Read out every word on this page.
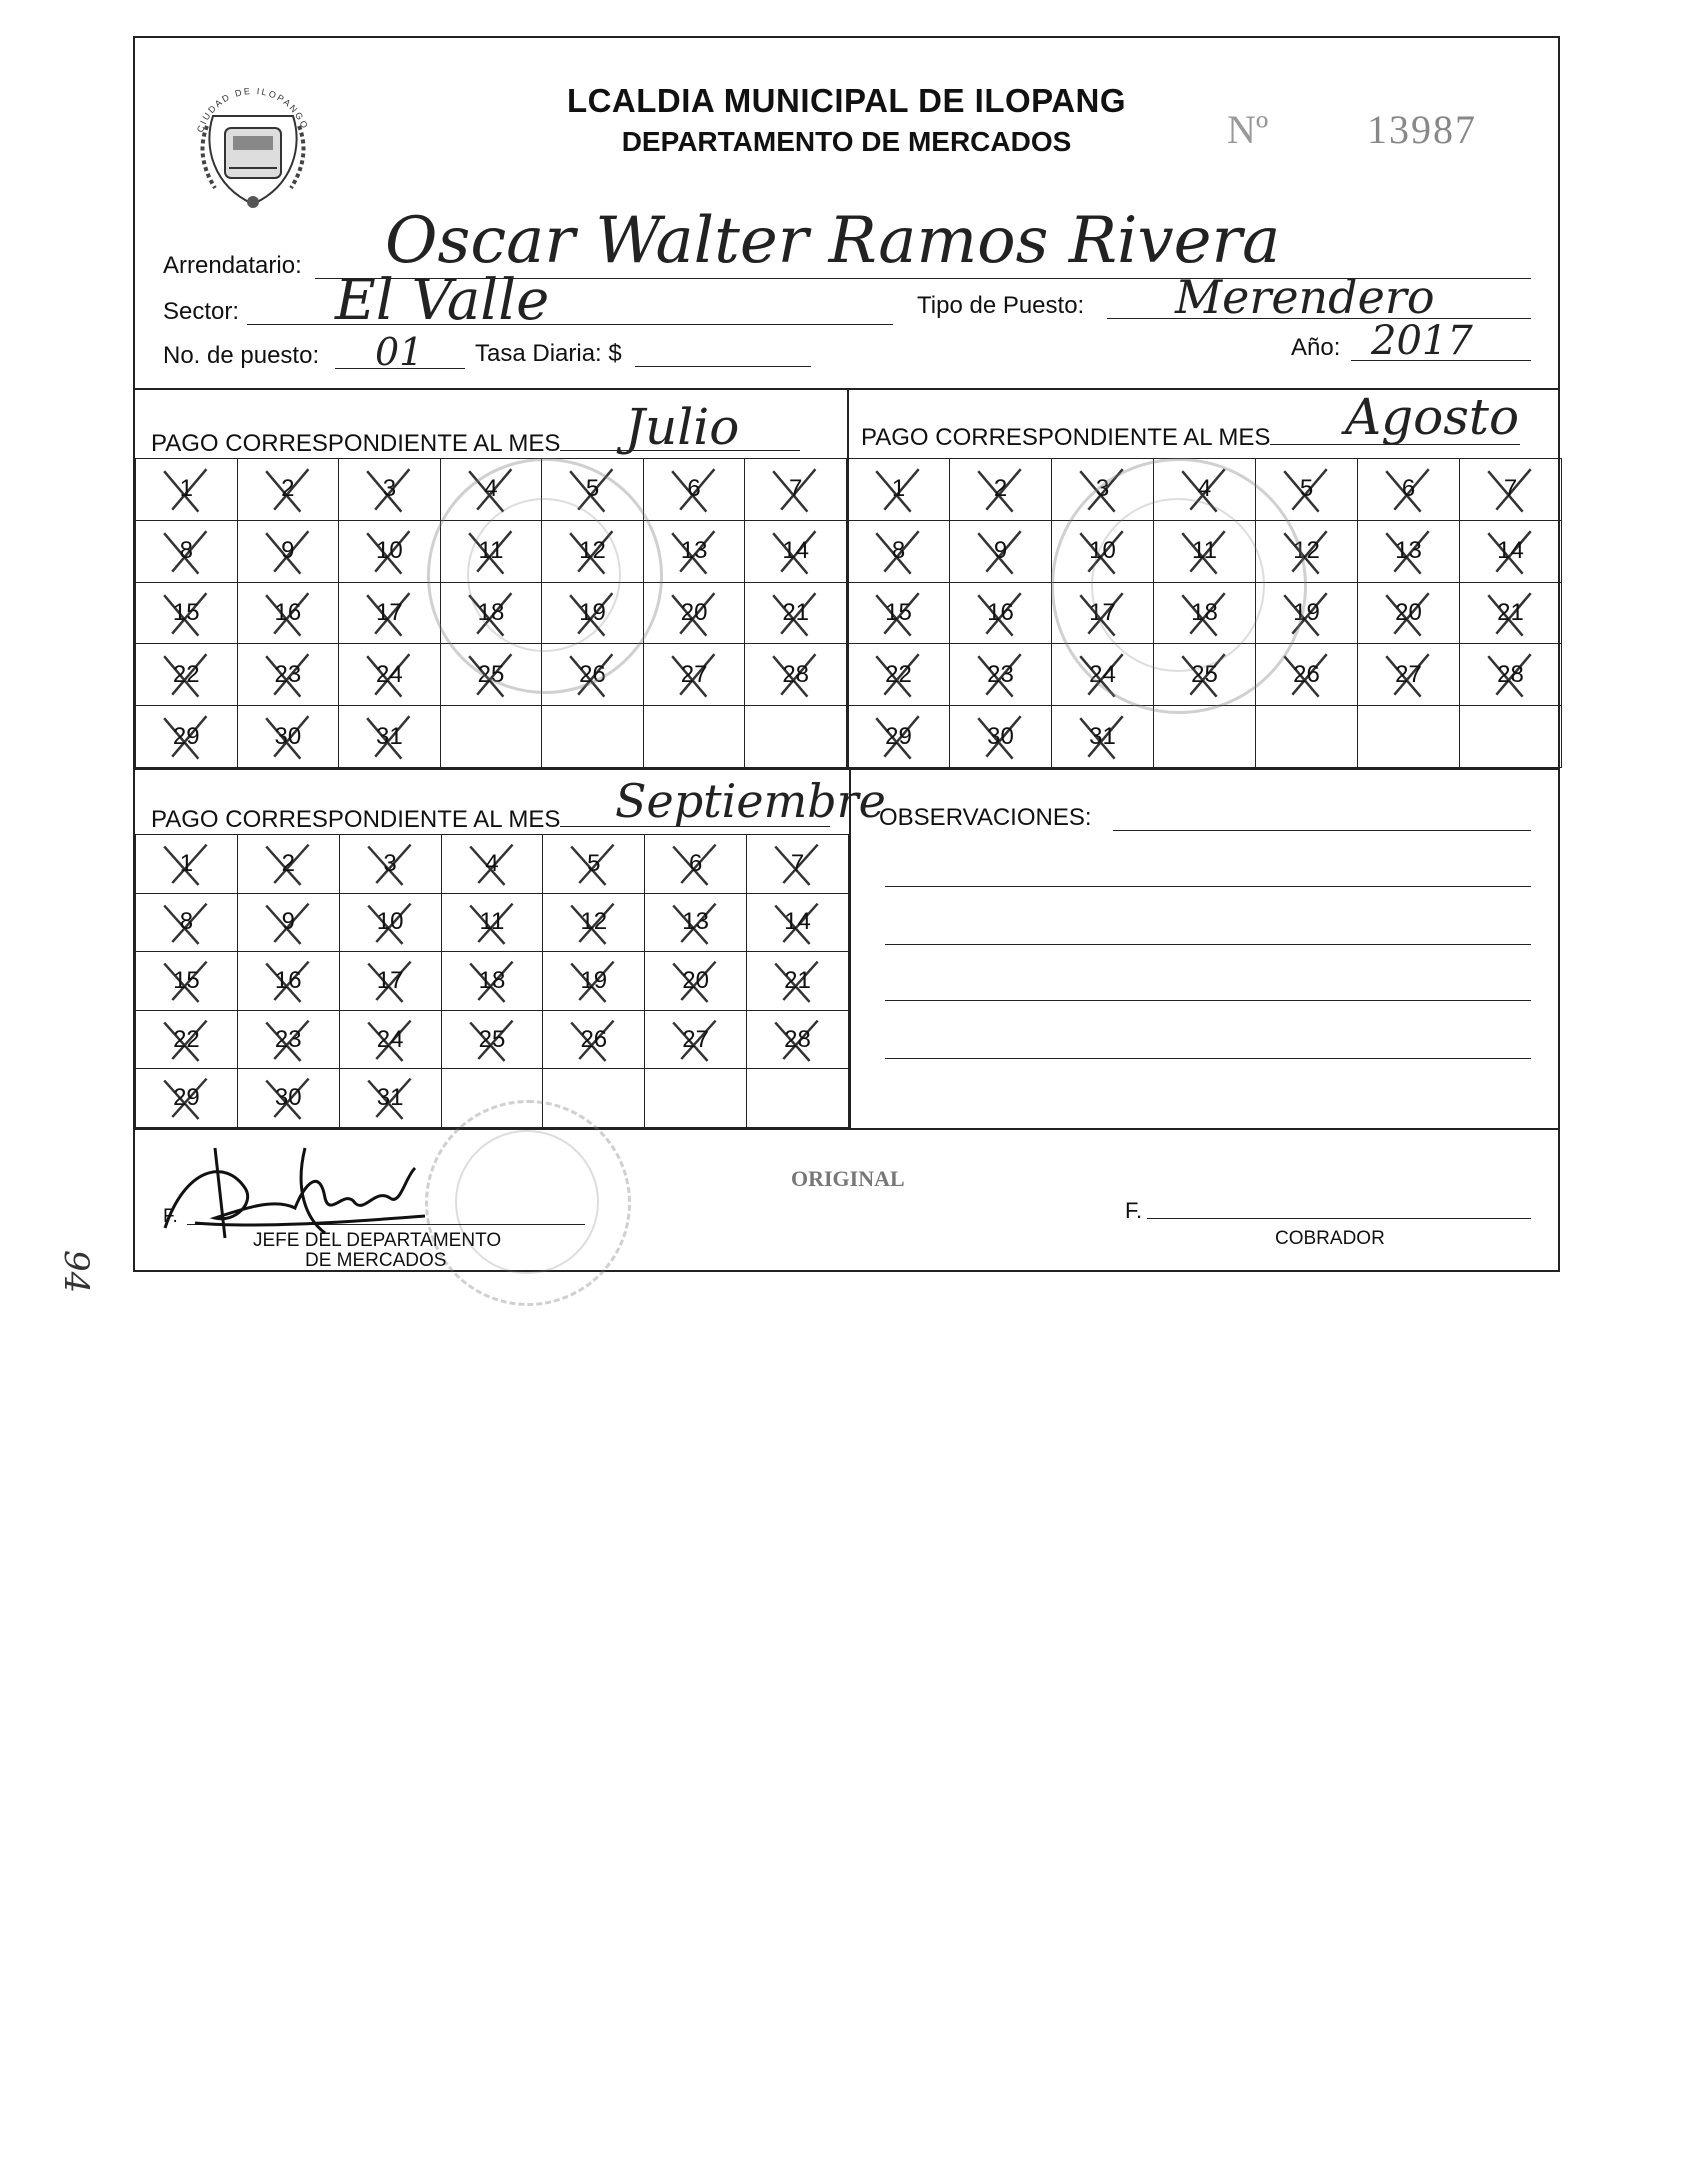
CIUDAD DE ILOPANGO
LCALDIA MUNICIPAL DE ILOPANG
DEPARTAMENTO DE MERCADOS	Nº 13987
Arrendatario: Oscar Walter Ramos Rivera
Sector: El Valle	Tipo de Puesto: Merendero
No. de puesto: 01 Tasa Diaria: $	Año: 2017
PAGO CORRESPONDIENTE AL MES	Julio
1	2	3	4	5	6	7

8	9	10	11	12	13	14

15	16	17	18	19	20	21

22	23	24	25	26	27	28

29	30	31				
PAGO CORRESPONDIENTE AL MES	Agosto
1	2	3	4	5	6	7

8	9	10	11	12	13	14

15	16	17	18	19	20	21

22	23	24	25	26	27	28

29	30	31				
PAGO CORRESPONDIENTE AL MES	Septiembre
1	2	3	4	5	6	7

8	9	10	11	12	13	14

15	16	17	18	19	20	21

22	23	24	25	26	27	28

29	30	31				
OBSERVACIONES:
ORIGINAL
F.
JEFE DEL DEPARTAMENTO
DE MERCADOS
F.
COBRADOR
94
